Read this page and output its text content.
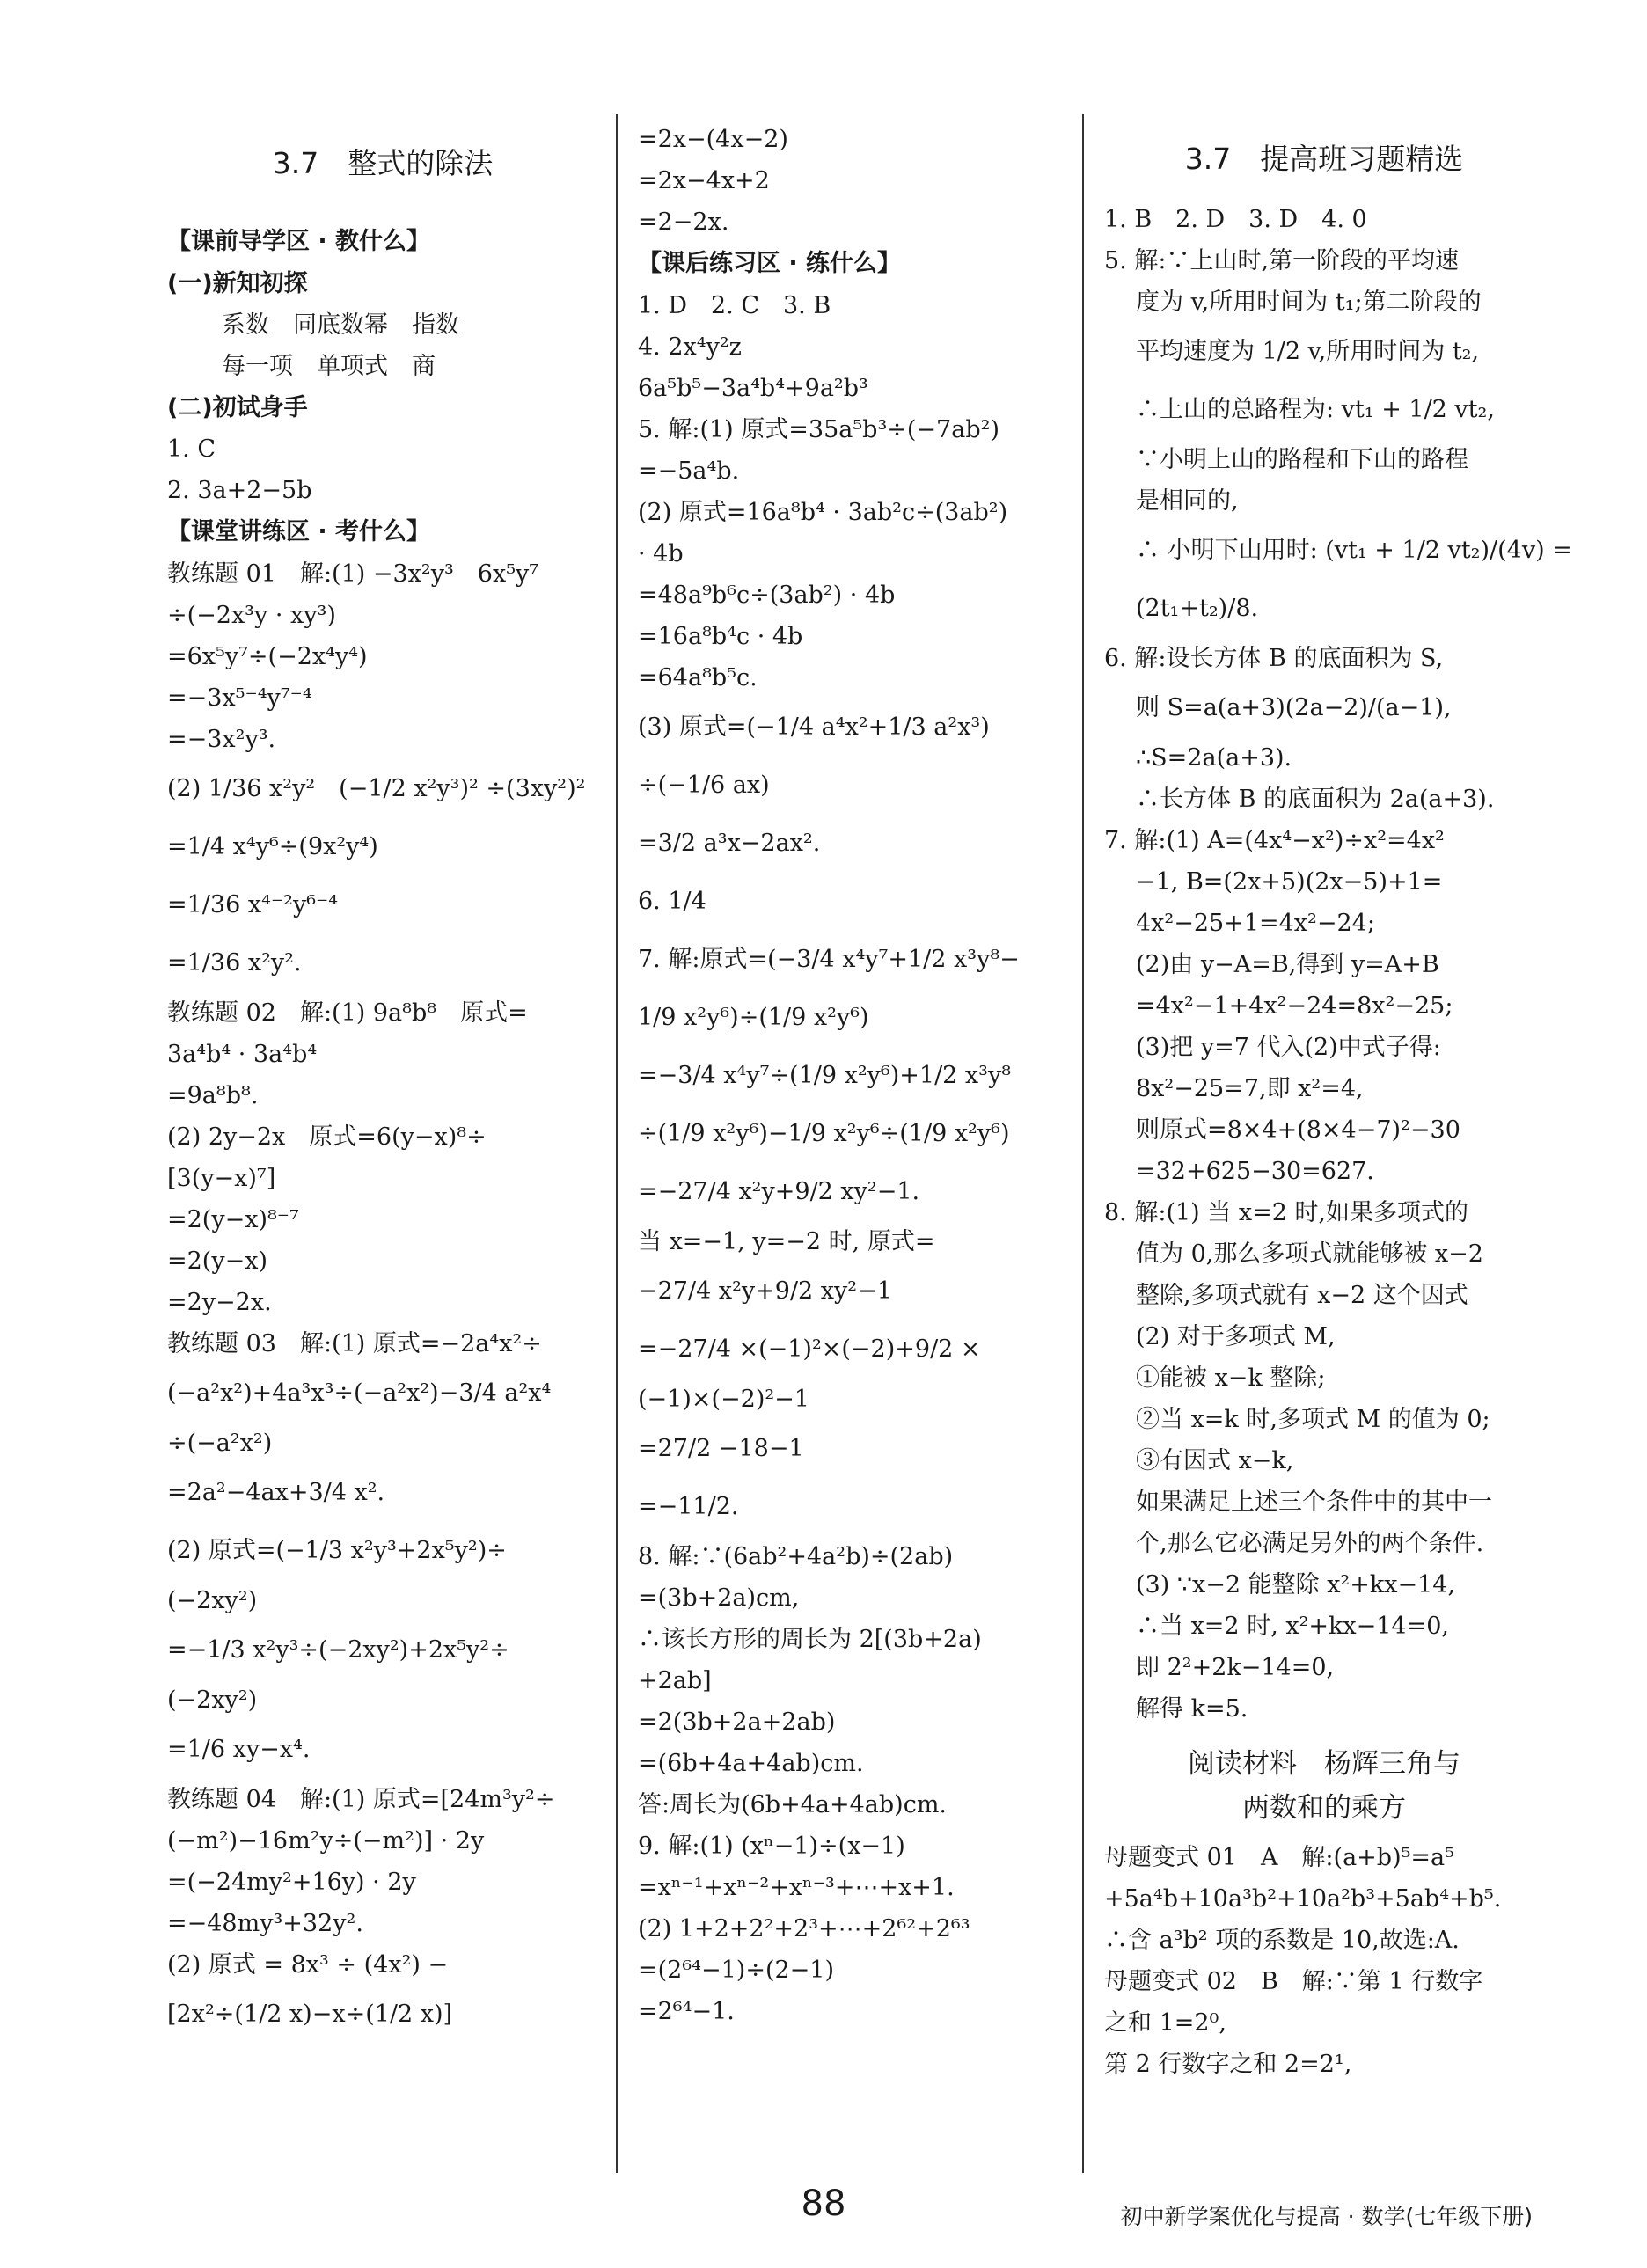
3.7　整式的除法
【课前导学区 · 教什么】
(一)新知初探
系数　同底数幂　指数
每一项　单项式　商
(二)初试身手
1. C
2. 3a+2−5b
【课堂讲练区 · 考什么】
教练题 01　解:(1) −3x²y³　6x⁵y⁷
÷(−2x³y · xy³)
=6x⁵y⁷÷(−2x⁴y⁴)
=−3x⁵⁻⁴y⁷⁻⁴
=−3x²y³.
(2) 1/36 x²y²　(−1/2 x²y³)² ÷(3xy²)²
=1/4 x⁴y⁶÷(9x²y⁴)
=1/36 x⁴⁻²y⁶⁻⁴
=1/36 x²y².
教练题 02　解:(1) 9a⁸b⁸　原式=
3a⁴b⁴ · 3a⁴b⁴
=9a⁸b⁸.
(2) 2y−2x　原式=6(y−x)⁸÷
[3(y−x)⁷]
=2(y−x)⁸⁻⁷
=2(y−x)
=2y−2x.
教练题 03　解:(1) 原式=−2a⁴x²÷
(−a²x²)+4a³x³÷(−a²x²)−3/4 a²x⁴
÷(−a²x²)
=2a²−4ax+3/4 x².
(2) 原式=(−1/3 x²y³+2x⁵y²)÷
(−2xy²)
=−1/3 x²y³÷(−2xy²)+2x⁵y²÷
(−2xy²)
=1/6 xy−x⁴.
教练题 04　解:(1) 原式=[24m³y²÷
(−m²)−16m²y÷(−m²)] · 2y
=(−24my²+16y) · 2y
=−48my³+32y².
(2) 原式 = 8x³ ÷ (4x²) −
[2x²÷(1/2 x)−x÷(1/2 x)]
=2x−(4x−2)
=2x−4x+2
=2−2x.
【课后练习区 · 练什么】
1. D　2. C　3. B
4. 2x⁴y²z
6a⁵b⁵−3a⁴b⁴+9a²b³
5. 解:(1) 原式=35a⁵b³÷(−7ab²)
=−5a⁴b.
(2) 原式=16a⁸b⁴ · 3ab²c÷(3ab²)
· 4b
=48a⁹b⁶c÷(3ab²) · 4b
=16a⁸b⁴c · 4b
=64a⁸b⁵c.
(3) 原式=(−1/4 a⁴x²+1/3 a²x³)
÷(−1/6 ax)
=3/2 a³x−2ax².
6. 1/4
7. 解:原式=(−3/4 x⁴y⁷+1/2 x³y⁸−
1/9 x²y⁶)÷(1/9 x²y⁶)
=−3/4 x⁴y⁷÷(1/9 x²y⁶)+1/2 x³y⁸
÷(1/9 x²y⁶)−1/9 x²y⁶÷(1/9 x²y⁶)
=−27/4 x²y+9/2 xy²−1.
当 x=−1, y=−2 时, 原式=
−27/4 x²y+9/2 xy²−1
=−27/4 ×(−1)²×(−2)+9/2 ×
(−1)×(−2)²−1
=27/2 −18−1
=−11/2.
8. 解:∵(6ab²+4a²b)÷(2ab)
=(3b+2a)cm,
∴该长方形的周长为 2[(3b+2a)
+2ab]
=2(3b+2a+2ab)
=(6b+4a+4ab)cm.
答:周长为(6b+4a+4ab)cm.
9. 解:(1) (xⁿ−1)÷(x−1)
=xⁿ⁻¹+xⁿ⁻²+xⁿ⁻³+⋯+x+1.
(2) 1+2+2²+2³+⋯+2⁶²+2⁶³
=(2⁶⁴−1)÷(2−1)
=2⁶⁴−1.
3.7　提高班习题精选
1. B　2. D　3. D　4. 0
5. 解:∵上山时,第一阶段的平均速
度为 v,所用时间为 t₁;第二阶段的
平均速度为 1/2 v,所用时间为 t₂,
∴上山的总路程为: vt₁ + 1/2 vt₂,
∵小明上山的路程和下山的路程
是相同的,
∴ 小明下山用时: (vt₁ + 1/2 vt₂)/(4v) =
(2t₁+t₂)/8.
6. 解:设长方体 B 的底面积为 S,
则 S=a(a+3)(2a−2)/(a−1),
∴S=2a(a+3).
∴长方体 B 的底面积为 2a(a+3).
7. 解:(1) A=(4x⁴−x²)÷x²=4x²
−1, B=(2x+5)(2x−5)+1=
4x²−25+1=4x²−24;
(2)由 y−A=B,得到 y=A+B
=4x²−1+4x²−24=8x²−25;
(3)把 y=7 代入(2)中式子得:
8x²−25=7,即 x²=4,
则原式=8×4+(8×4−7)²−30
=32+625−30=627.
8. 解:(1) 当 x=2 时,如果多项式的
值为 0,那么多项式就能够被 x−2
整除,多项式就有 x−2 这个因式
(2) 对于多项式 M,
①能被 x−k 整除;
②当 x=k 时,多项式 M 的值为 0;
③有因式 x−k,
如果满足上述三个条件中的其中一
个,那么它必满足另外的两个条件.
(3) ∵x−2 能整除 x²+kx−14,
∴当 x=2 时, x²+kx−14=0,
即 2²+2k−14=0,
解得 k=5.
阅读材料　杨辉三角与
两数和的乘方
母题变式 01　A　解:(a+b)⁵=a⁵
+5a⁴b+10a³b²+10a²b³+5ab⁴+b⁵.
∴含 a³b² 项的系数是 10,故选:A.
母题变式 02　B　解:∵第 1 行数字
之和 1=2⁰,
第 2 行数字之和 2=2¹,
88	初中新学案优化与提高 · 数学(七年级下册)
